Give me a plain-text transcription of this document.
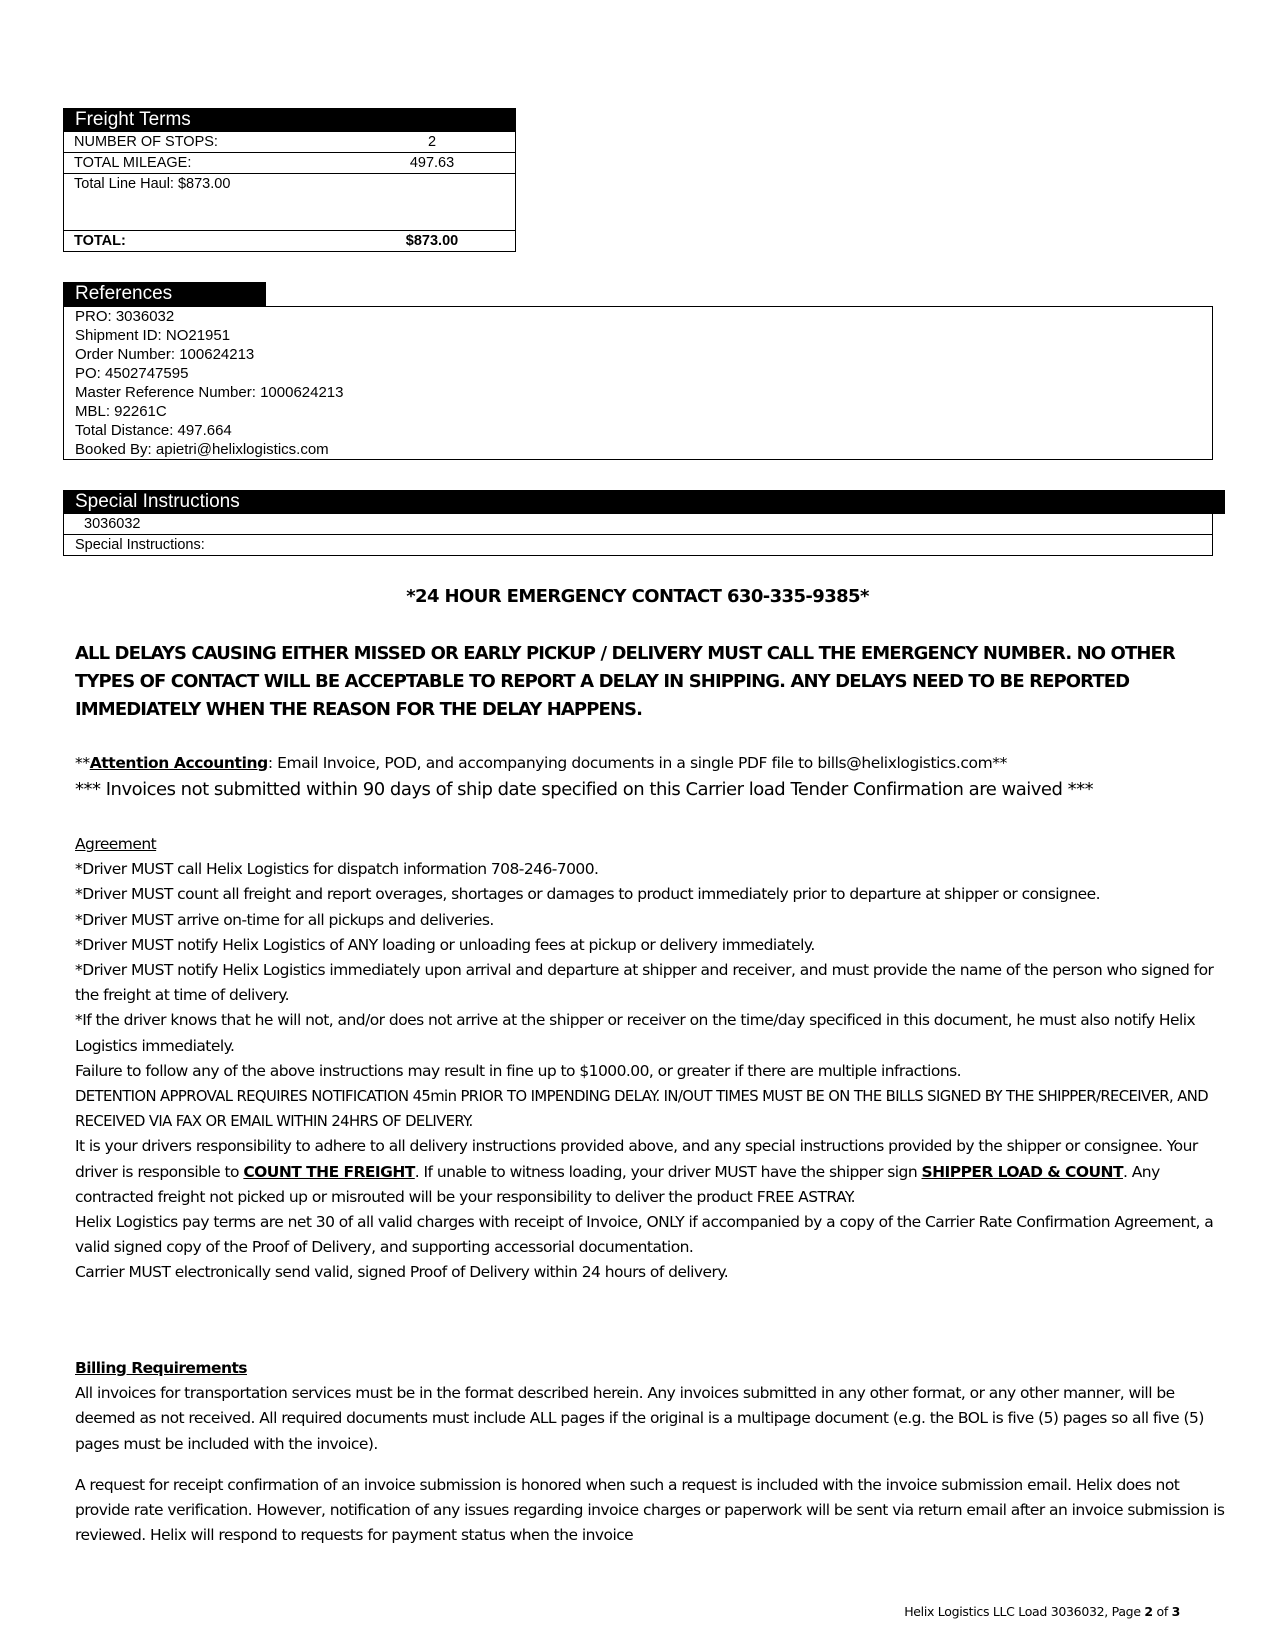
Freight Terms
NUMBER OF STOPS:	2
TOTAL MILEAGE:	497.63
Total Line Haul: $873.00
TOTAL:	$873.00
References
PRO: 3036032
Shipment ID: NO21951
Order Number: 100624213
PO: 4502747595
Master Reference Number: 1000624213
MBL: 92261C
Total Distance: 497.664
Booked By: apietri@helixlogistics.com
Special Instructions
3036032
Special Instructions:
*24 HOUR EMERGENCY CONTACT 630-335-9385*
ALL DELAYS CAUSING EITHER MISSED OR EARLY PICKUP / DELIVERY MUST CALL THE EMERGENCY NUMBER. NO OTHER TYPES OF CONTACT WILL BE ACCEPTABLE TO REPORT A DELAY IN SHIPPING. ANY DELAYS NEED TO BE REPORTED IMMEDIATELY WHEN THE REASON FOR THE DELAY HAPPENS.
**Attention Accounting: Email Invoice, POD, and accompanying documents in a single PDF file to bills@helixlogistics.com**
*** Invoices not submitted within 90 days of ship date specified on this Carrier load Tender Confirmation are waived ***

Agreement

*Driver MUST call Helix Logistics for dispatch information 708-246-7000.

*Driver MUST count all freight and report overages, shortages or damages to product immediately prior to departure at shipper or consignee.

*Driver MUST arrive on-time for all pickups and deliveries.

*Driver MUST notify Helix Logistics of ANY loading or unloading fees at pickup or delivery immediately.

*Driver MUST notify Helix Logistics immediately upon arrival and departure at shipper and receiver, and must provide the name of the person who signed for the freight at time of delivery.

*If the driver knows that he will not, and/or does not arrive at the shipper or receiver on the time/day specificed in this document, he must also notify Helix Logistics immediately.

Failure to follow any of the above instructions may result in fine up to $1000.00, or greater if there are multiple infractions.

DETENTION APPROVAL REQUIRES NOTIFICATION 45min PRIOR TO IMPENDING DELAY. IN/OUT TIMES MUST BE ON THE BILLS SIGNED BY THE SHIPPER/RECEIVER, AND RECEIVED VIA FAX OR EMAIL WITHIN 24HRS OF DELIVERY.

It is your drivers responsibility to adhere to all delivery instructions provided above, and any special instructions provided by the shipper or consignee. Your driver is responsible to COUNT THE FREIGHT. If unable to witness loading, your driver MUST have the shipper sign SHIPPER LOAD & COUNT. Any contracted freight not picked up or misrouted will be your responsibility to deliver the product FREE ASTRAY.

Helix Logistics pay terms are net 30 of all valid charges with receipt of Invoice, ONLY if accompanied by a copy of the Carrier Rate Confirmation Agreement, a valid signed copy of the Proof of Delivery, and supporting accessorial documentation.

Carrier MUST electronically send valid, signed Proof of Delivery within 24 hours of delivery.

Billing Requirements

All invoices for transportation services must be in the format described herein. Any invoices submitted in any other format, or any other manner, will be deemed as not received. All required documents must include ALL pages if the original is a multipage document (e.g. the BOL is five (5) pages so all five (5) pages must be included with the invoice).

A request for receipt confirmation of an invoice submission is honored when such a request is included with the invoice submission email. Helix does not provide rate verification. However, notification of any issues regarding invoice charges or paperwork will be sent via return email after an invoice submission is reviewed. Helix will respond to requests for payment status when the invoice

Helix Logistics LLC Load 3036032, Page 2 of 3
